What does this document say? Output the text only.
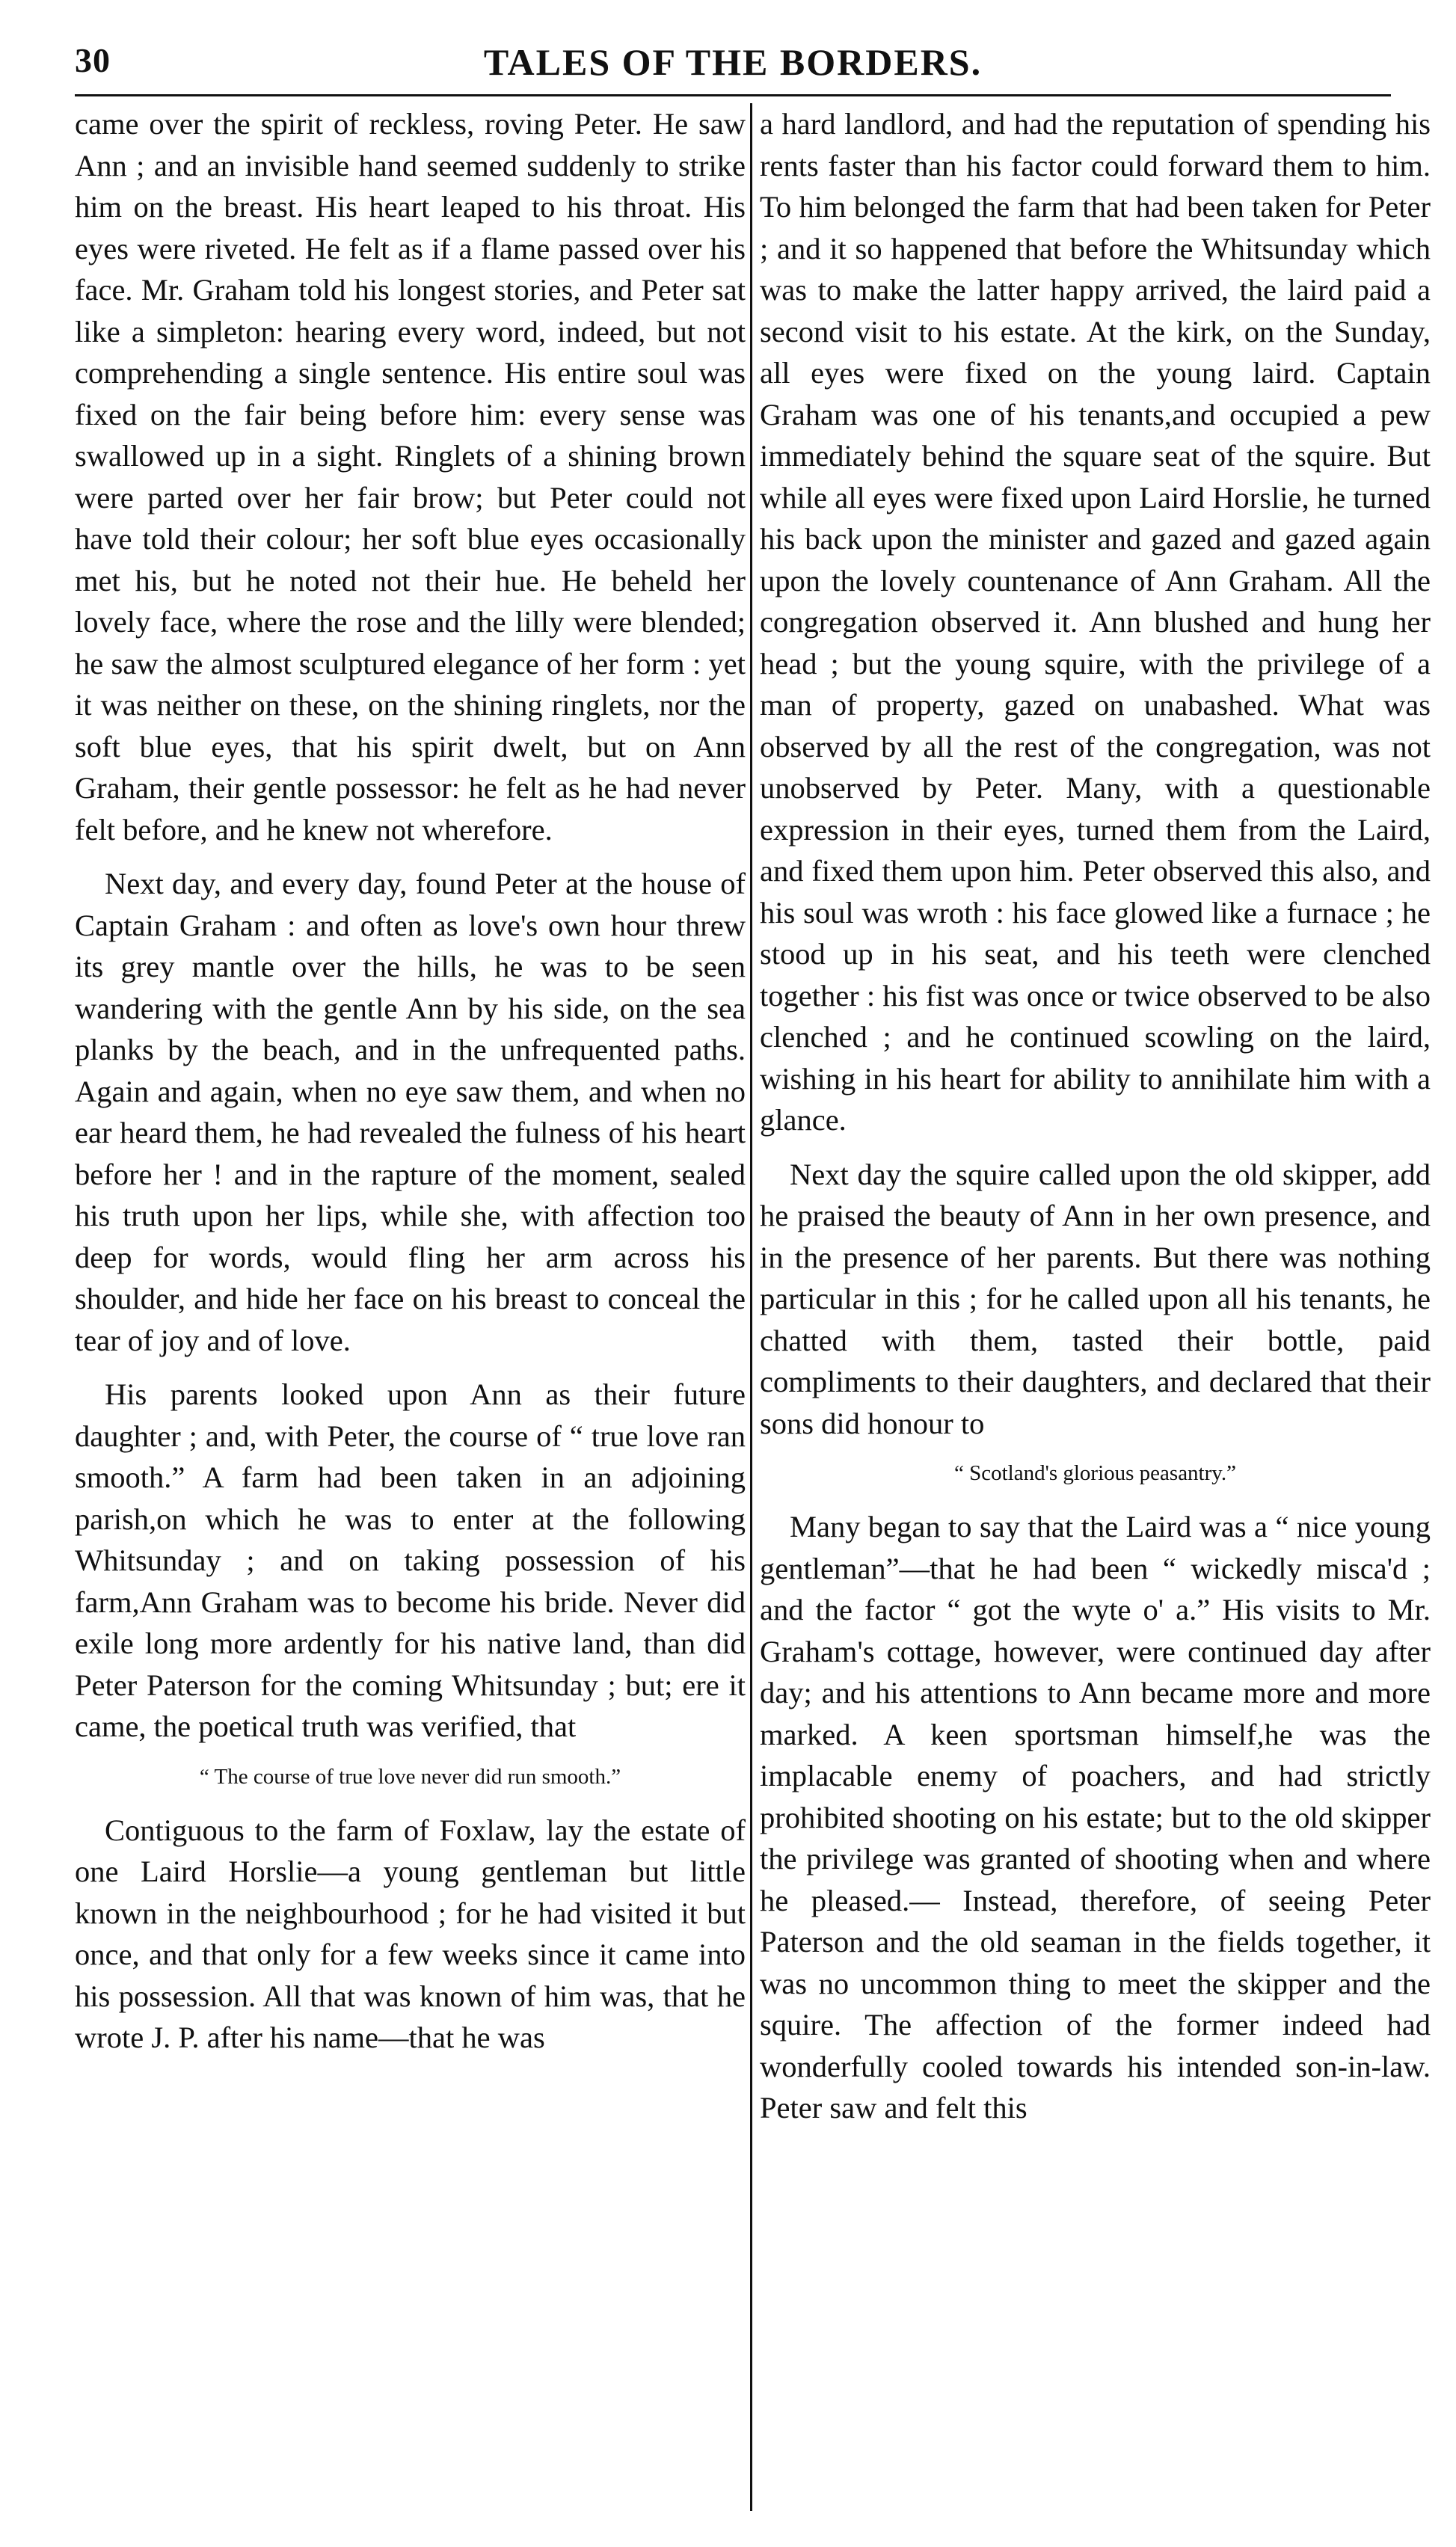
30	TALES OF THE BORDERS.

came over the spirit of reckless, roving Peter. He saw Ann ; and an invisible hand seemed suddenly to strike him on the breast. His heart leaped to his throat. His eyes were riveted. He felt as if a flame passed over his face. Mr. Graham told his longest stories, and Peter sat like a simpleton: hearing every word, indeed, but not comprehending a single sentence. His entire soul was fixed on the fair being before him: every sense was swallowed up in a sight. Ringlets of a shining brown were parted over her fair brow; but Peter could not have told their colour; her soft blue eyes occasionally met his, but he noted not their hue. He beheld her lovely face, where the rose and the lilly were blended; he saw the almost sculptured elegance of her form : yet it was neither on these, on the shining ringlets, nor the soft blue eyes, that his spirit dwelt, but on Ann Graham, their gentle possessor: he felt as he had never felt before, and he knew not wherefore.

Next day, and every day, found Peter at the house of Captain Graham : and often as love's own hour threw its grey mantle over the hills, he was to be seen wandering with the gentle Ann by his side, on the sea planks by the beach, and in the unfrequented paths. Again and again, when no eye saw them, and when no ear heard them, he had revealed the fulness of his heart before her ! and in the rapture of the moment, sealed his truth upon her lips, while she, with affection too deep for words, would fling her arm across his shoulder, and hide her face on his breast to conceal the tear of joy and of love.

His parents looked upon Ann as their future daughter ; and, with Peter, the course of “ true love ran smooth.” A farm had been taken in an adjoining parish,on which he was to enter at the following Whitsunday ; and on taking possession of his farm,Ann Graham was to become his bride. Never did exile long more ardently for his native land, than did Peter Paterson for the coming Whitsunday ; but; ere it came, the poetical truth was verified, that

“ The course of true love never did run smooth.”

Contiguous to the farm of Foxlaw, lay the estate of one Laird Horslie—a young gentleman but little known in the neighbourhood ; for he had visited it but once, and that only for a few weeks since it came into his possession. All that was known of him was, that he wrote J. P. after his name—that he was

a hard landlord, and had the reputation of spending his rents faster than his factor could forward them to him. To him belonged the farm that had been taken for Peter ; and it so happened that before the Whitsunday which was to make the latter happy arrived, the laird paid a second visit to his estate. At the kirk, on the Sunday, all eyes were fixed on the young laird. Captain Graham was one of his tenants,and occupied a pew immediately behind the square seat of the squire. But while all eyes were fixed upon Laird Horslie, he turned his back upon the minister and gazed and gazed again upon the lovely countenance of Ann Graham. All the congregation observed it. Ann blushed and hung her head ; but the young squire, with the privilege of a man of property, gazed on unabashed. What was observed by all the rest of the congregation, was not unobserved by Peter. Many, with a questionable expression in their eyes, turned them from the Laird, and fixed them upon him. Peter observed this also, and his soul was wroth : his face glowed like a furnace ; he stood up in his seat, and his teeth were clenched together : his fist was once or twice observed to be also clenched ; and he continued scowling on the laird, wishing in his heart for ability to annihilate him with a glance.

Next day the squire called upon the old skipper, add he praised the beauty of Ann in her own presence, and in the presence of her parents. But there was nothing particular in this ; for he called upon all his tenants, he chatted with them, tasted their bottle, paid compliments to their daughters, and declared that their sons did honour to

“ Scotland's glorious peasantry.”

Many began to say that the Laird was a “ nice young gentleman”—that he had been “ wickedly misca'd ; and the factor “ got the wyte o' a.” His visits to Mr. Graham's cottage, however, were continued day after day; and his attentions to Ann became more and more marked. A keen sportsman himself,he was the implacable enemy of poachers, and had strictly prohibited shooting on his estate; but to the old skipper the privilege was granted of shooting when and where he pleased.— Instead, therefore, of seeing Peter Paterson and the old seaman in the fields together, it was no uncommon thing to meet the skipper and the squire. The affection of the former indeed had wonderfully cooled towards his intended son-in-law. Peter saw and felt this
